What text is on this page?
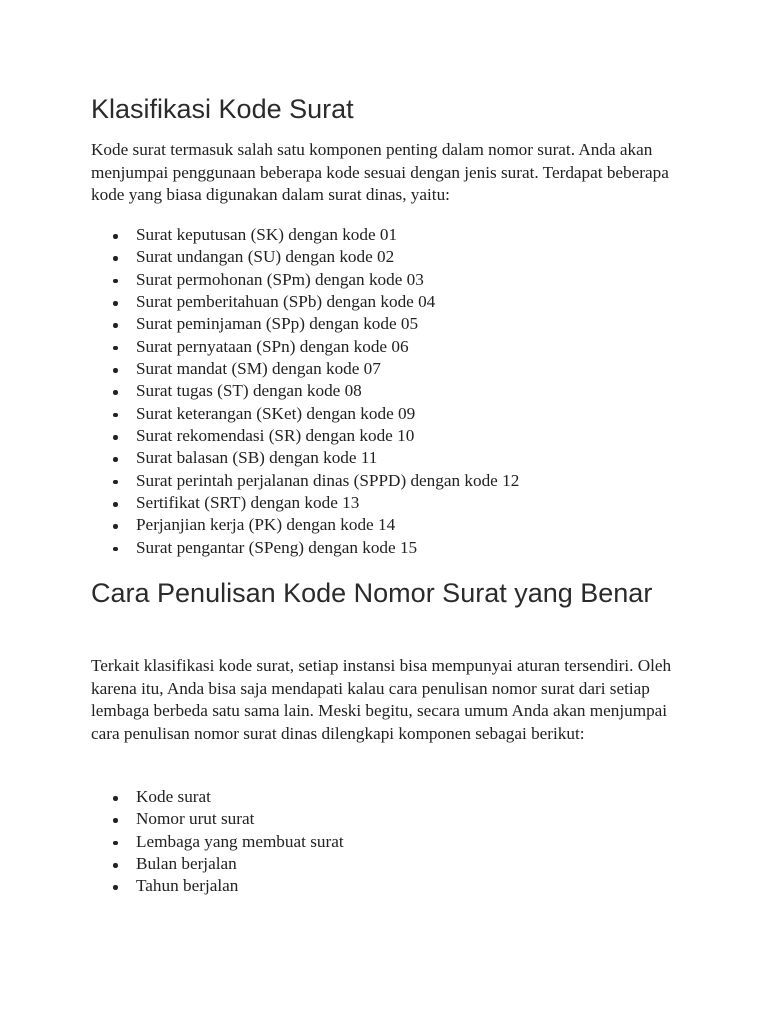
Klasifikasi Kode Surat

Kode surat termasuk salah satu komponen penting dalam nomor surat. Anda akan menjumpai penggunaan beberapa kode sesuai dengan jenis surat. Terdapat beberapa kode yang biasa digunakan dalam surat dinas, yaitu:

Surat keputusan (SK) dengan kode 01
Surat undangan (SU) dengan kode 02
Surat permohonan (SPm) dengan kode 03
Surat pemberitahuan (SPb) dengan kode 04
Surat peminjaman (SPp) dengan kode 05
Surat pernyataan (SPn) dengan kode 06
Surat mandat (SM) dengan kode 07
Surat tugas (ST) dengan kode 08
Surat keterangan (SKet) dengan kode 09
Surat rekomendasi (SR) dengan kode 10
Surat balasan (SB) dengan kode 11
Surat perintah perjalanan dinas (SPPD) dengan kode 12
Sertifikat (SRT) dengan kode 13
Perjanjian kerja (PK) dengan kode 14
Surat pengantar (SPeng) dengan kode 15
Cara Penulisan Kode Nomor Surat yang Benar

Terkait klasifikasi kode surat, setiap instansi bisa mempunyai aturan tersendiri. Oleh karena itu, Anda bisa saja mendapati kalau cara penulisan nomor surat dari setiap lembaga berbeda satu sama lain. Meski begitu, secara umum Anda akan menjumpai cara penulisan nomor surat dinas dilengkapi komponen sebagai berikut:

Kode surat
Nomor urut surat
Lembaga yang membuat surat
Bulan berjalan
Tahun berjalan
